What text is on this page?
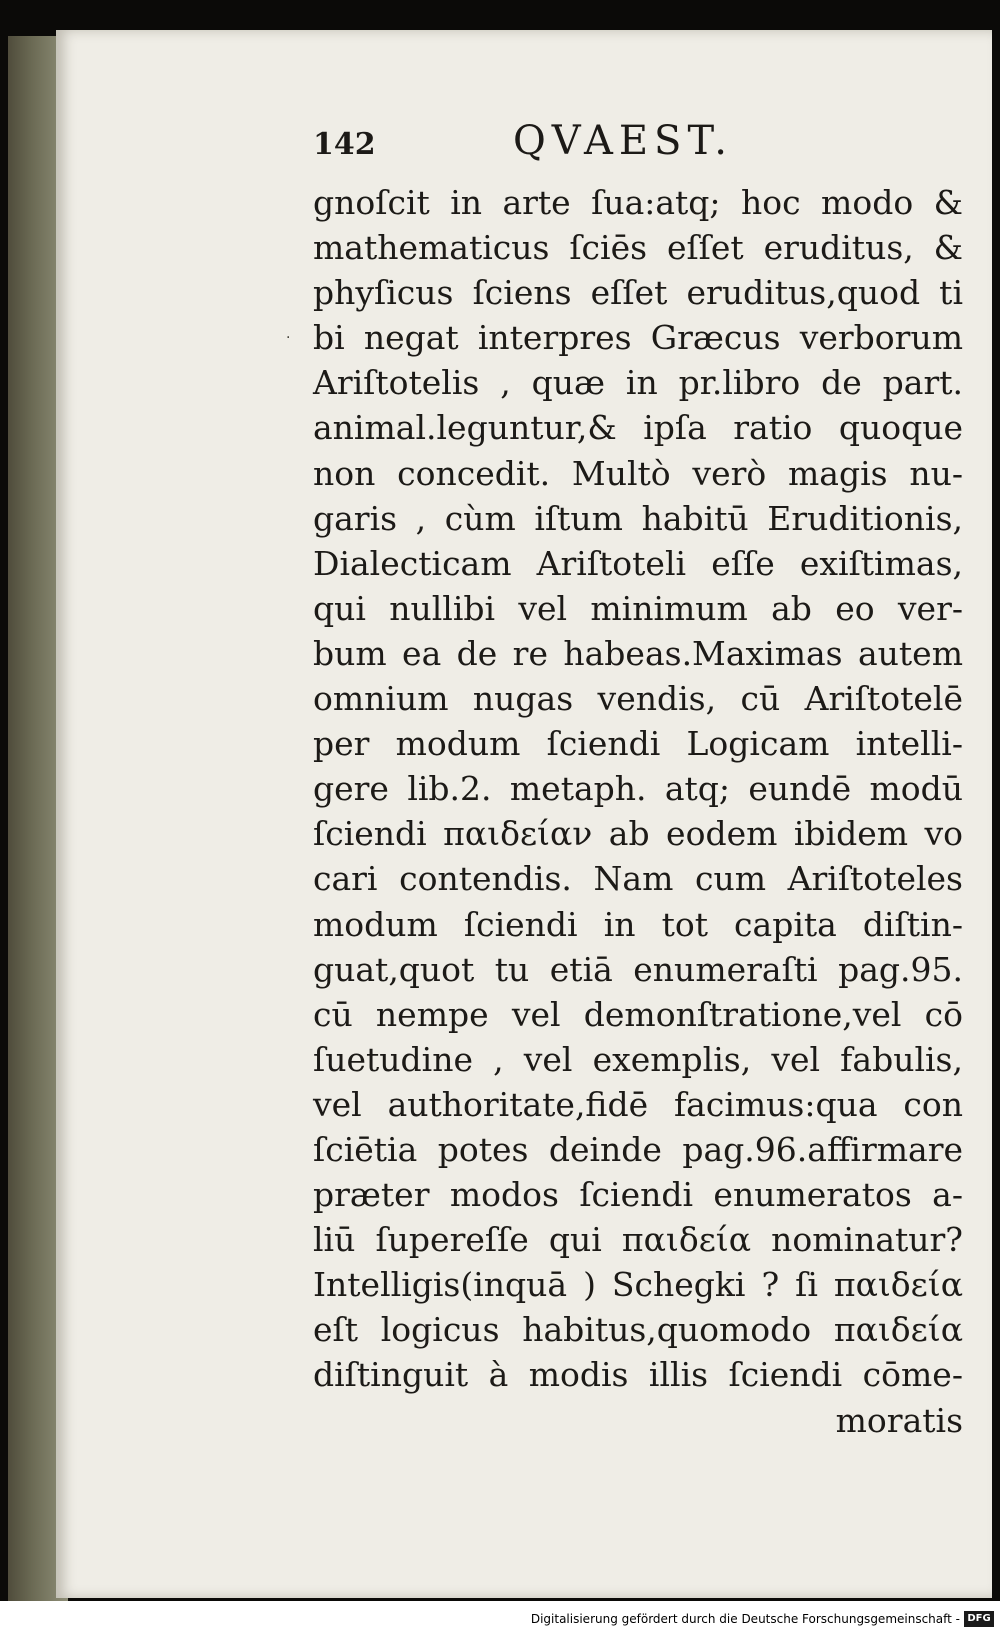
·
142	QVAEST.
gnoſcit in arte ſua:atq; hoc modo &
mathematicus ſciēs eſſet eruditus, &
phyſicus ſciens eſſet eruditus,quod ti
bi negat interpres Græcus verborum
Ariſtotelis , quæ in pr.libro de part.
animal.leguntur,& ipſa ratio quoque
non concedit. Multò verò magis nu-
garis , cùm iſtum habitū Eruditionis,
Dialecticam Ariſtoteli eſſe exiſtimas,
qui nullibi vel minimum ab eo ver-
bum ea de re habeas.Maximas autem
omnium nugas vendis, cū Ariſtotelē
per modum ſciendi Logicam intelli-
gere lib.2. metaph. atq; eundē modū
ſciendi παιδείαν ab eodem ibidem vo
cari contendis. Nam cum Ariſtoteles
modum ſciendi in tot capita diſtin-
guat,quot tu etiā enumeraſti pag.95.
cū nempe vel demonſtratione,vel cō
ſuetudine , vel exemplis, vel fabulis,
vel authoritate,fidē facimus:qua con
ſciētia potes deinde pag.96.affirmare
præter modos ſciendi enumeratos a-
liū ſupereſſe qui παιδεία nominatur?
Intelligis(inquā ) Schegki ? ſi παιδεία
eſt logicus habitus,quomodo παιδεία
diſtinguit à modis illis ſciendi cōme-
moratis
Digitalisierung gefördert durch die Deutsche Forschungsgemeinschaft - DFG
